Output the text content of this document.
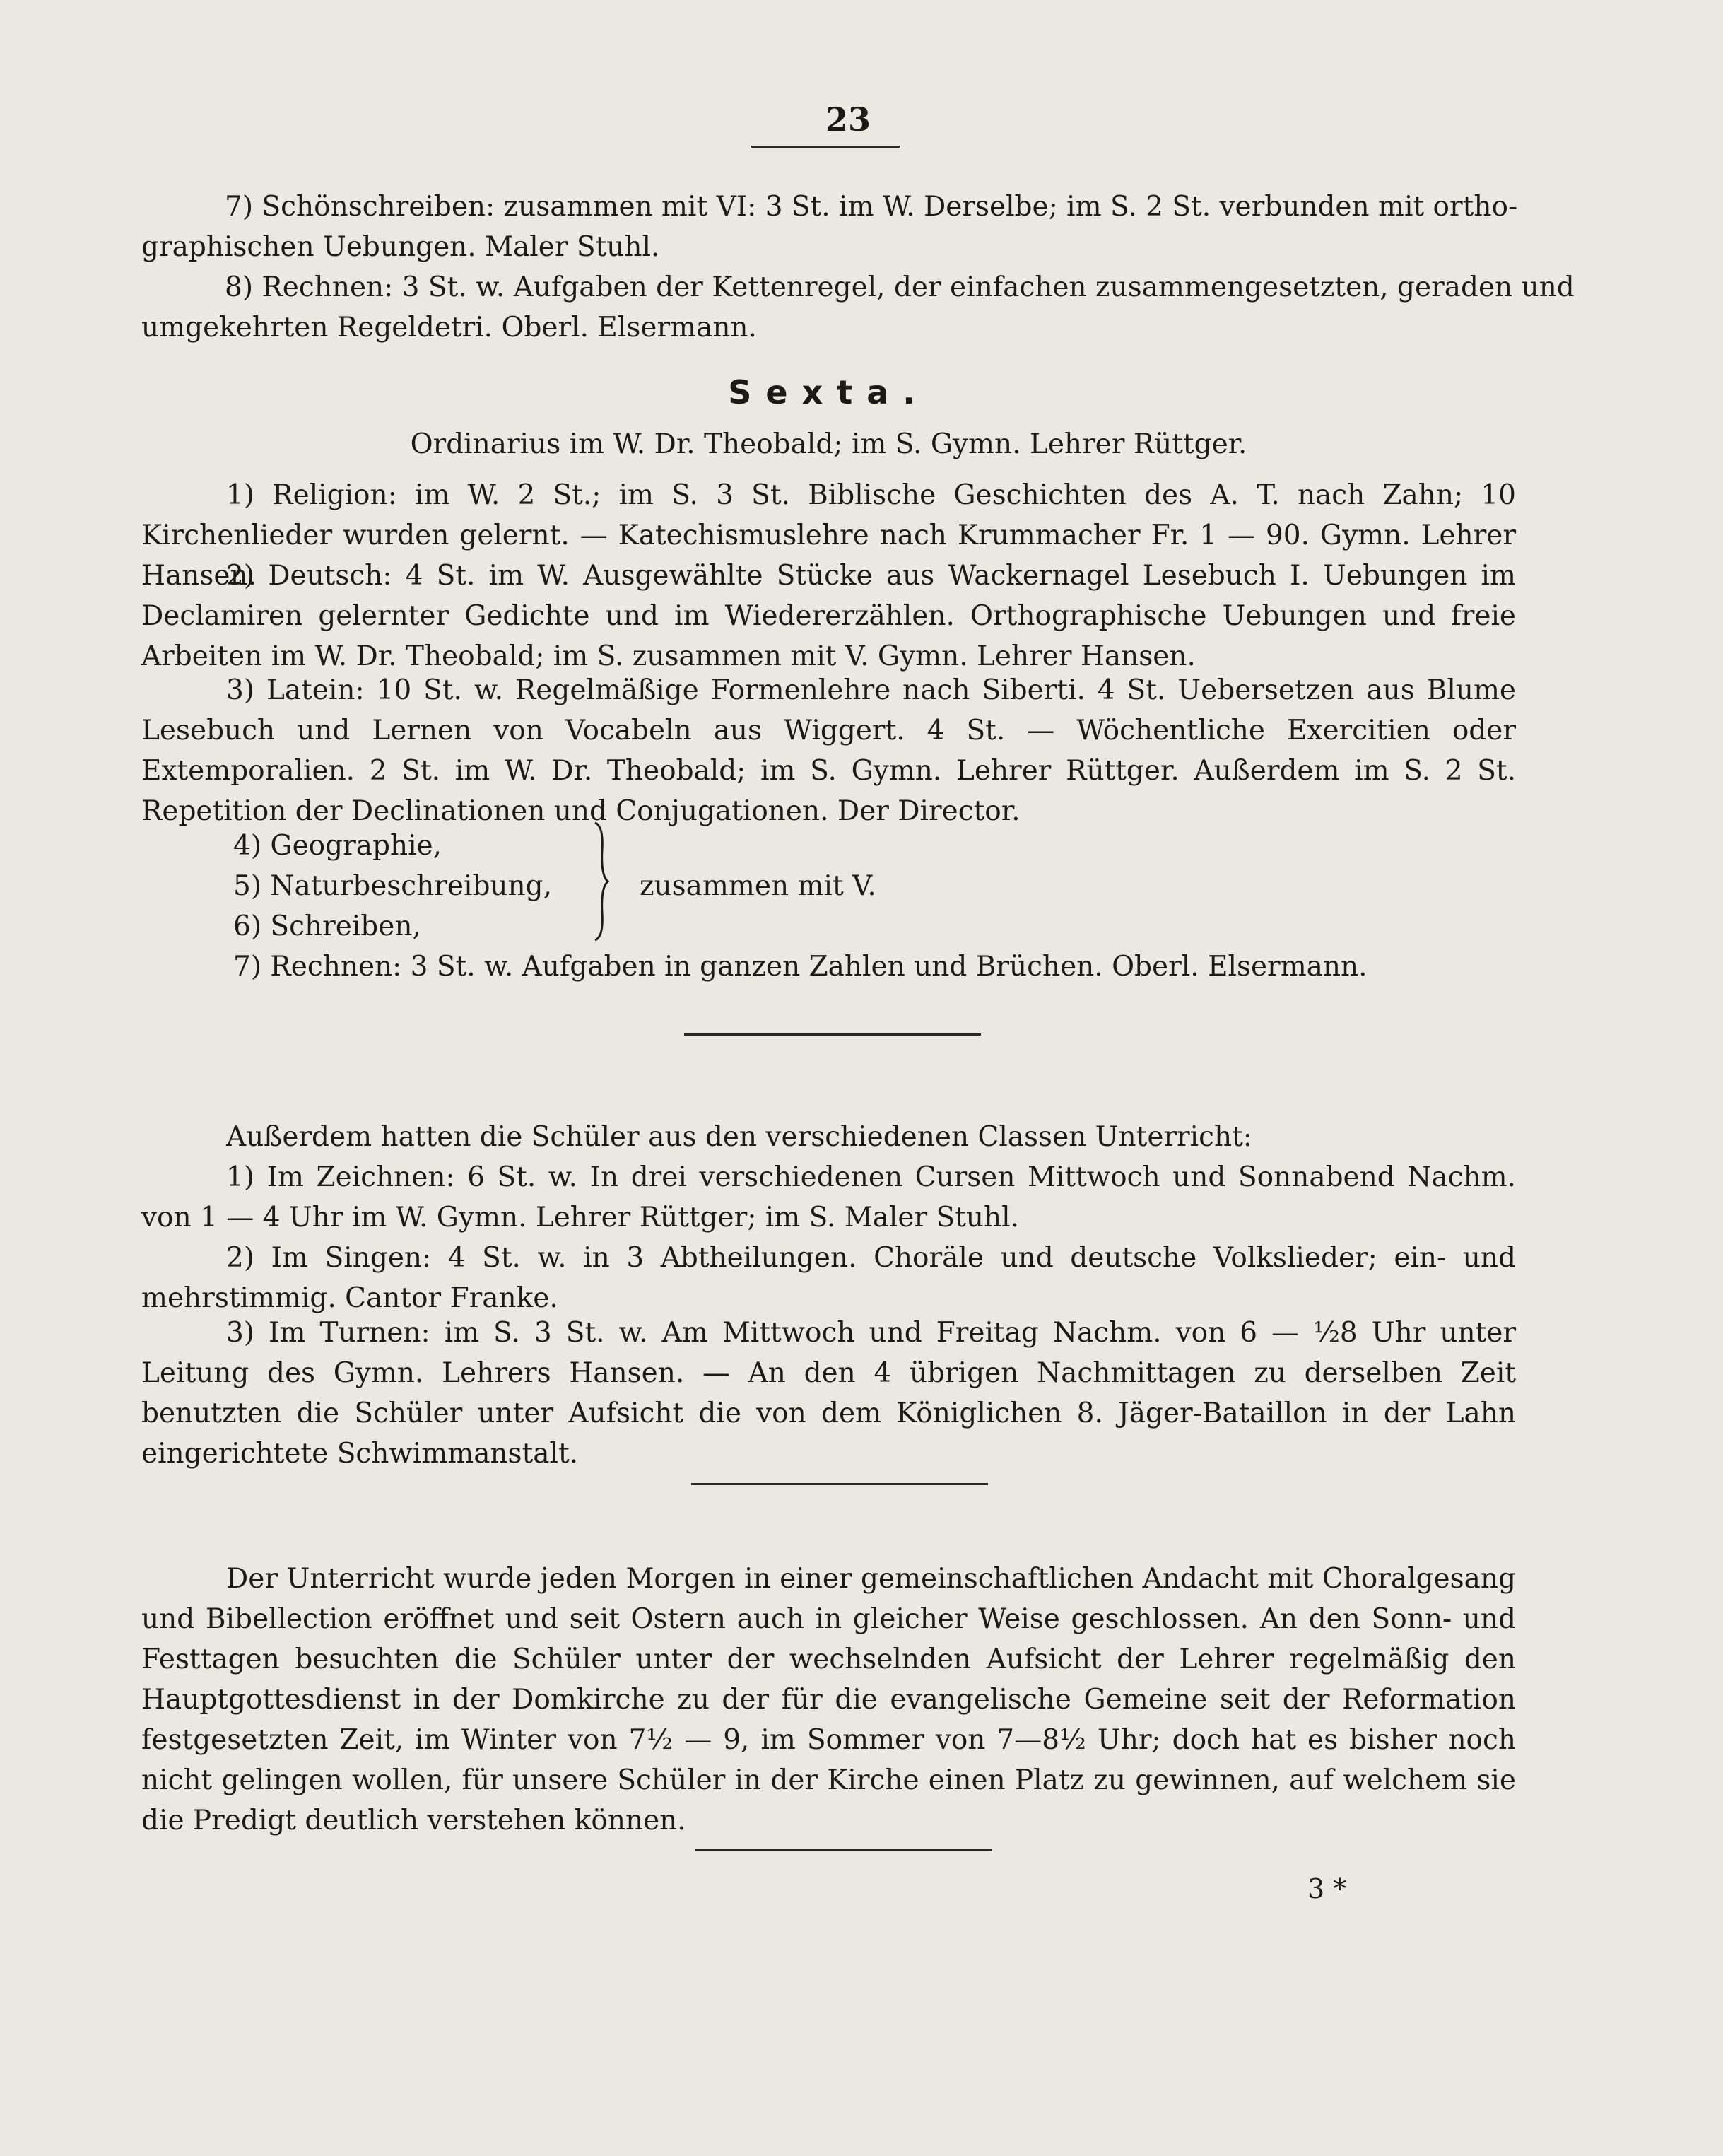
23
7) Schönschreiben: zusammen mit VI: 3 St. im W. Derselbe; im S. 2 St. verbunden mit ortho-
graphischen Uebungen. Maler Stuhl.
8) Rechnen: 3 St. w. Aufgaben der Kettenregel, der einfachen zusammengesetzten, geraden und
umgekehrten Regeldetri. Oberl. Elsermann.
Sexta.
Ordinarius im W. Dr. Theobald; im S. Gymn. Lehrer Rüttger.
1) Religion: im W. 2 St.; im S. 3 St. Biblische Geschichten des A. T. nach Zahn; 10 Kirchenlieder wurden gelernt. — Katechismuslehre nach Krummacher Fr. 1 — 90. Gymn. Lehrer Hansen.
2) Deutsch: 4 St. im W. Ausgewählte Stücke aus Wackernagel Lesebuch I. Uebungen im Declamiren gelernter Gedichte und im Wiedererzählen. Orthographische Uebungen und freie Arbeiten im W. Dr. Theobald; im S. zusammen mit V. Gymn. Lehrer Hansen.
3) Latein: 10 St. w. Regelmäßige Formenlehre nach Siberti. 4 St. Uebersetzen aus Blume Lesebuch und Lernen von Vocabeln aus Wiggert. 4 St. — Wöchentliche Exercitien oder Extemporalien. 2 St. im W. Dr. Theobald; im S. Gymn. Lehrer Rüttger. Außerdem im S. 2 St. Repetition der Declinationen und Conjugationen. Der Director.
4) Geographie,
5) Naturbeschreibung,
6) Schreiben,
zusammen mit V.
7) Rechnen: 3 St. w. Aufgaben in ganzen Zahlen und Brüchen. Oberl. Elsermann.
Außerdem hatten die Schüler aus den verschiedenen Classen Unterricht:
1) Im Zeichnen: 6 St. w. In drei verschiedenen Cursen Mittwoch und Sonnabend Nachm. von 1 — 4 Uhr im W. Gymn. Lehrer Rüttger; im S. Maler Stuhl.
2) Im Singen: 4 St. w. in 3 Abtheilungen. Choräle und deutsche Volkslieder; ein- und mehrstimmig. Cantor Franke.
3) Im Turnen: im S. 3 St. w. Am Mittwoch und Freitag Nachm. von 6 — ½8 Uhr unter Leitung des Gymn. Lehrers Hansen. — An den 4 übrigen Nachmittagen zu derselben Zeit benutzten die Schüler unter Aufsicht die von dem Königlichen 8. Jäger-Bataillon in der Lahn eingerichtete Schwimmanstalt.
Der Unterricht wurde jeden Morgen in einer gemeinschaftlichen Andacht mit Choralgesang und Bibellection eröffnet und seit Ostern auch in gleicher Weise geschlossen. An den Sonn- und Festtagen besuchten die Schüler unter der wechselnden Aufsicht der Lehrer regelmäßig den Hauptgottesdienst in der Domkirche zu der für die evangelische Gemeine seit der Reformation festgesetzten Zeit, im Winter von 7½ — 9, im Sommer von 7—8½ Uhr; doch hat es bisher noch nicht gelingen wollen, für unsere Schüler in der Kirche einen Platz zu gewinnen, auf welchem sie die Predigt deutlich verstehen können.
3 *
